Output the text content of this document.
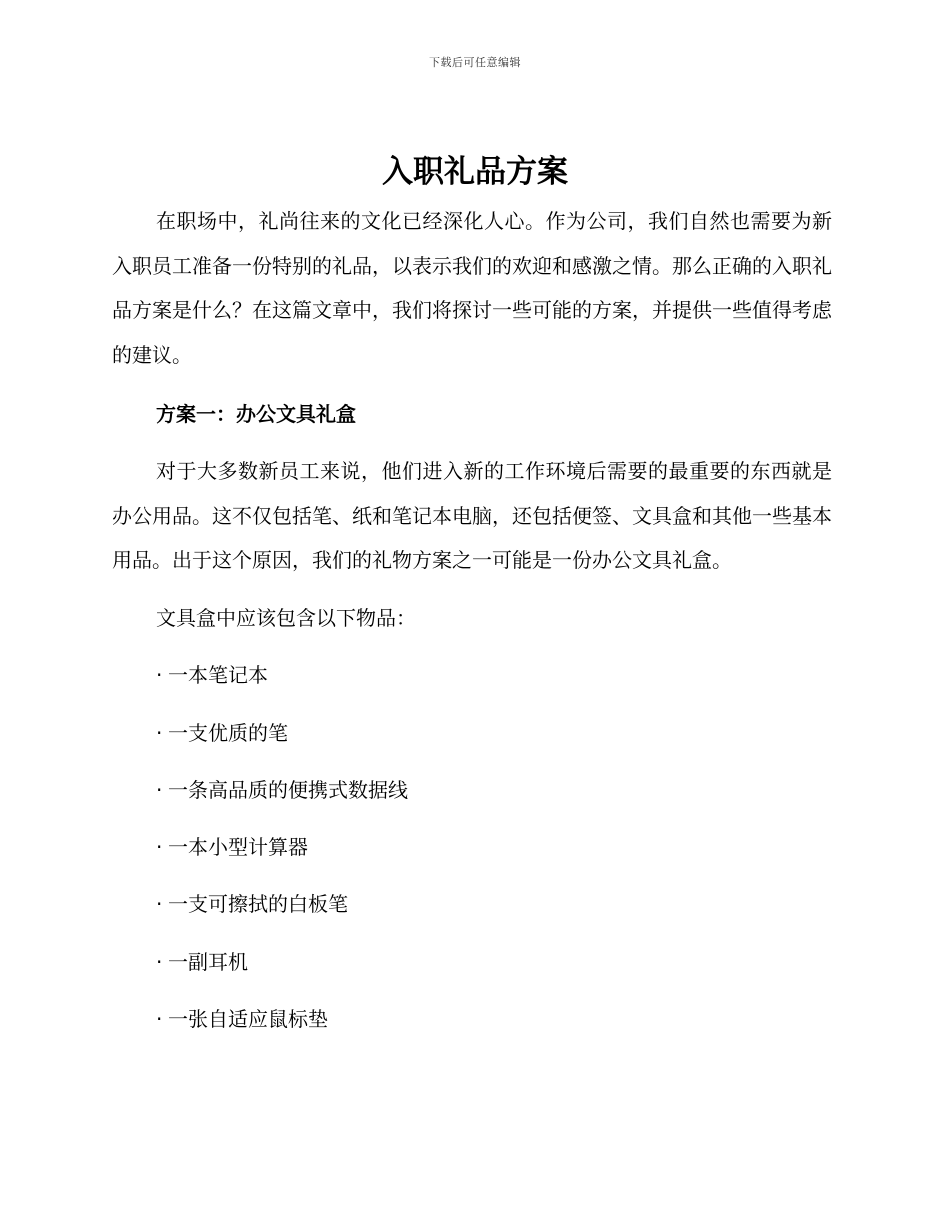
下载后可任意编辑
入职礼品方案

在职场中，礼尚往来的文化已经深化人心。作为公司，我们自然也需要为新入职员工准备一份特别的礼品，以表示我们的欢迎和感激之情。那么正确的入职礼品方案是什么？在这篇文章中，我们将探讨一些可能的方案，并提供一些值得考虑的建议。

方案一：办公文具礼盒

对于大多数新员工来说，他们进入新的工作环境后需要的最重要的东西就是办公用品。这不仅包括笔、纸和笔记本电脑，还包括便签、文具盒和其他一些基本用品。出于这个原因，我们的礼物方案之一可能是一份办公文具礼盒。

文具盒中应该包含以下物品：

· 一本笔记本
· 一支优质的笔
· 一条高品质的便携式数据线
· 一本小型计算器
· 一支可擦拭的白板笔
· 一副耳机
· 一张自适应鼠标垫
